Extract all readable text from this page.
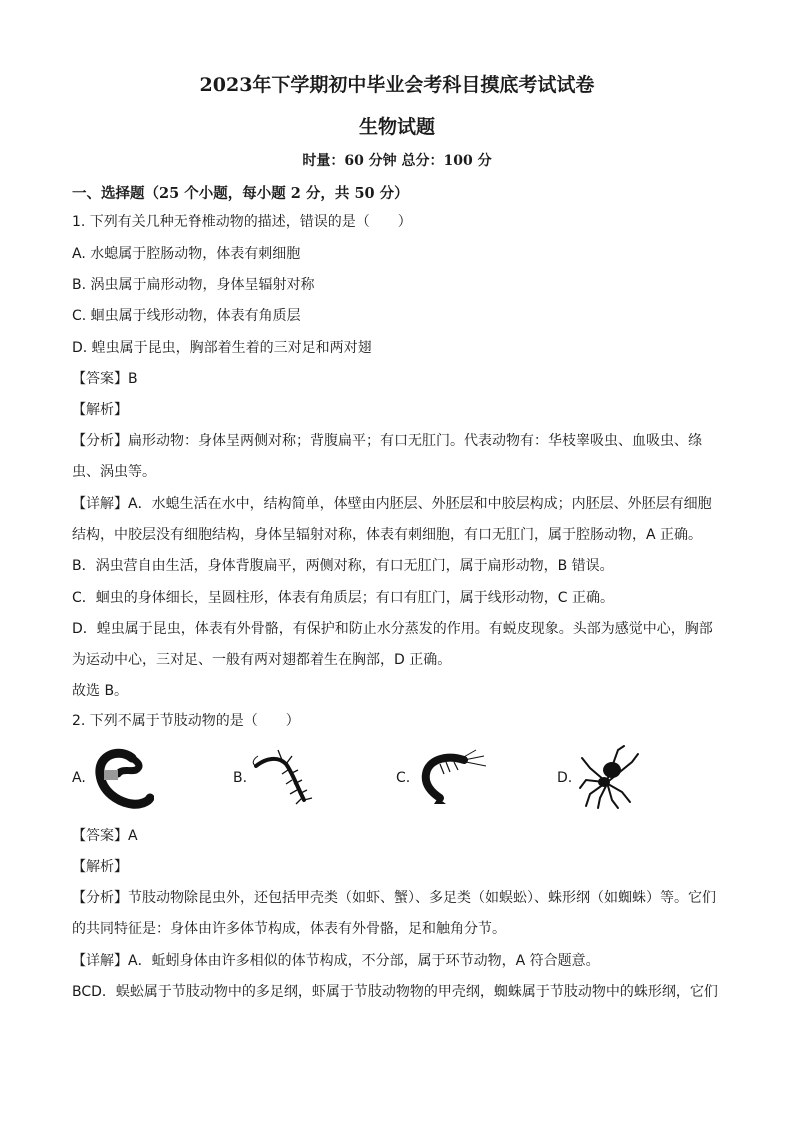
2023年下学期初中毕业会考科目摸底考试试卷
生物试题
时量：60 分钟 总分：100 分
一、选择题（25 个小题，每小题 2 分，共 50 分）
1. 下列有关几种无脊椎动物的描述，错误的是（　　）
A. 水螅属于腔肠动物，体表有刺细胞
B. 涡虫属于扁形动物，身体呈辐射对称
C. 蛔虫属于线形动物，体表有角质层
D. 蝗虫属于昆虫，胸部着生着的三对足和两对翅
【答案】B
【解析】
【分析】扁形动物：身体呈两侧对称；背腹扁平；有口无肛门。代表动物有：华枝睾吸虫、血吸虫、绦
虫、涡虫等。
【详解】A．水螅生活在水中，结构简单，体壁由内胚层、外胚层和中胶层构成；内胚层、外胚层有细胞
结构，中胶层没有细胞结构，身体呈辐射对称，体表有刺细胞，有口无肛门，属于腔肠动物，A 正确。
B．涡虫营自由生活，身体背腹扁平，两侧对称，有口无肛门，属于扁形动物，B 错误。
C．蛔虫的身体细长，呈圆柱形，体表有角质层；有口有肛门，属于线形动物，C 正确。
D．蝗虫属于昆虫，体表有外骨骼，有保护和防止水分蒸发的作用。有蜕皮现象。头部为感觉中心，胸部
为运动中心，三对足、一般有两对翅都着生在胸部，D 正确。
故选 B。
2. 下列不属于节肢动物的是（　　）
A.	B.	C.	D.
【答案】A
【解析】
【分析】节肢动物除昆虫外，还包括甲壳类（如虾、蟹）、多足类（如蜈蚣）、蛛形纲（如蜘蛛）等。它们
的共同特征是：身体由许多体节构成，体表有外骨骼，足和触角分节。
【详解】A．蚯蚓身体由许多相似的体节构成，不分部，属于环节动物，A 符合题意。
BCD．蜈蚣属于节肢动物中的多足纲，虾属于节肢动物物的甲壳纲，蜘蛛属于节肢动物中的蛛形纲，它们
